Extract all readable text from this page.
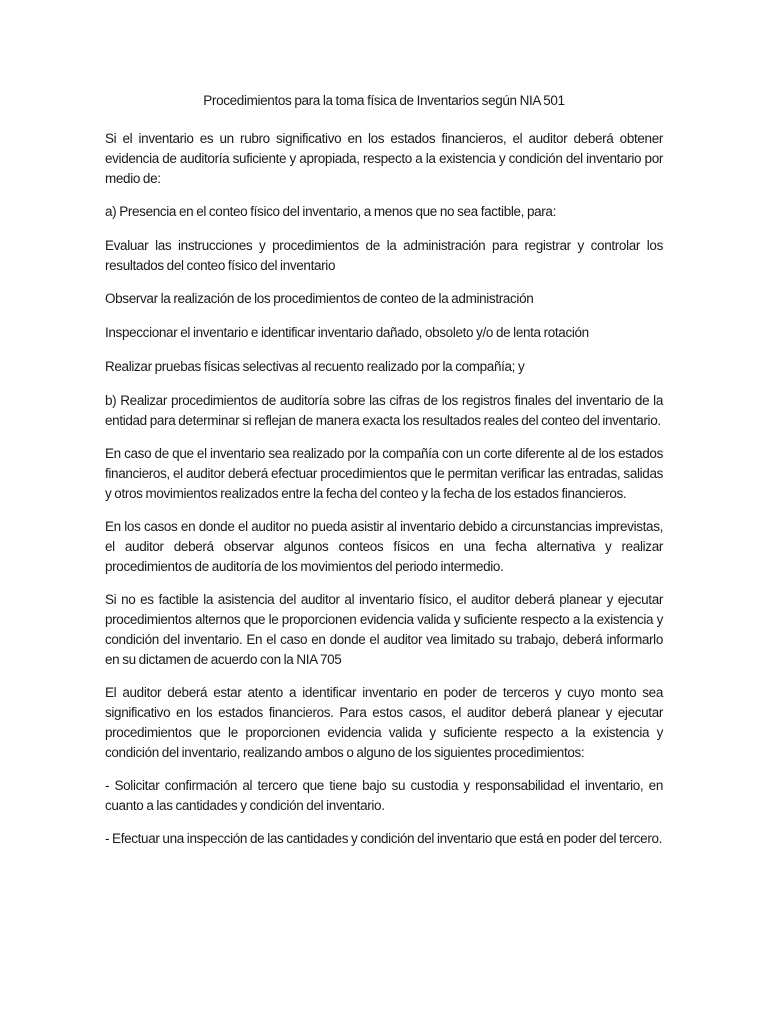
Procedimientos para la toma física de Inventarios según NIA 501

Si el inventario es un rubro significativo en los estados financieros, el auditor deberá obtener evidencia de auditoría suficiente y apropiada, respecto a la existencia y condición del inventario por medio de:

a) Presencia en el conteo físico del inventario, a menos que no sea factible, para:

Evaluar las instrucciones y procedimientos de la administración para registrar y controlar los resultados del conteo físico del inventario

Observar la realización de los procedimientos de conteo de la administración

Inspeccionar el inventario e identificar inventario dañado, obsoleto y/o de lenta rotación

Realizar pruebas físicas selectivas al recuento realizado por la compañía; y

b) Realizar procedimientos de auditoría sobre las cifras de los registros finales del inventario de la entidad para determinar si reflejan de manera exacta los resultados reales del conteo del inventario.

En caso de que el inventario sea realizado por la compañía con un corte diferente al de los estados financieros, el auditor deberá efectuar procedimientos que le permitan verificar las entradas, salidas y otros movimientos realizados entre la fecha del conteo y la fecha de los estados financieros.

En los casos en donde el auditor no pueda asistir al inventario debido a circunstancias imprevistas, el auditor deberá observar algunos conteos físicos en una fecha alternativa y realizar procedimientos de auditoría de los movimientos del periodo intermedio.

Si no es factible la asistencia del auditor al inventario físico, el auditor deberá planear y ejecutar procedimientos alternos que le proporcionen evidencia valida y suficiente respecto a la existencia y condición del inventario. En el caso en donde el auditor vea limitado su trabajo, deberá informarlo en su dictamen de acuerdo con la NIA 705

El auditor deberá estar atento a identificar inventario en poder de terceros y cuyo monto sea significativo en los estados financieros. Para estos casos, el auditor deberá planear y ejecutar procedimientos que le proporcionen evidencia valida y suficiente respecto a la existencia y condición del inventario, realizando ambos o alguno de los siguientes procedimientos:

- Solicitar confirmación al tercero que tiene bajo su custodia y responsabilidad el inventario, en cuanto a las cantidades y condición del inventario.

- Efectuar una inspección de las cantidades y condición del inventario que está en poder del tercero.
